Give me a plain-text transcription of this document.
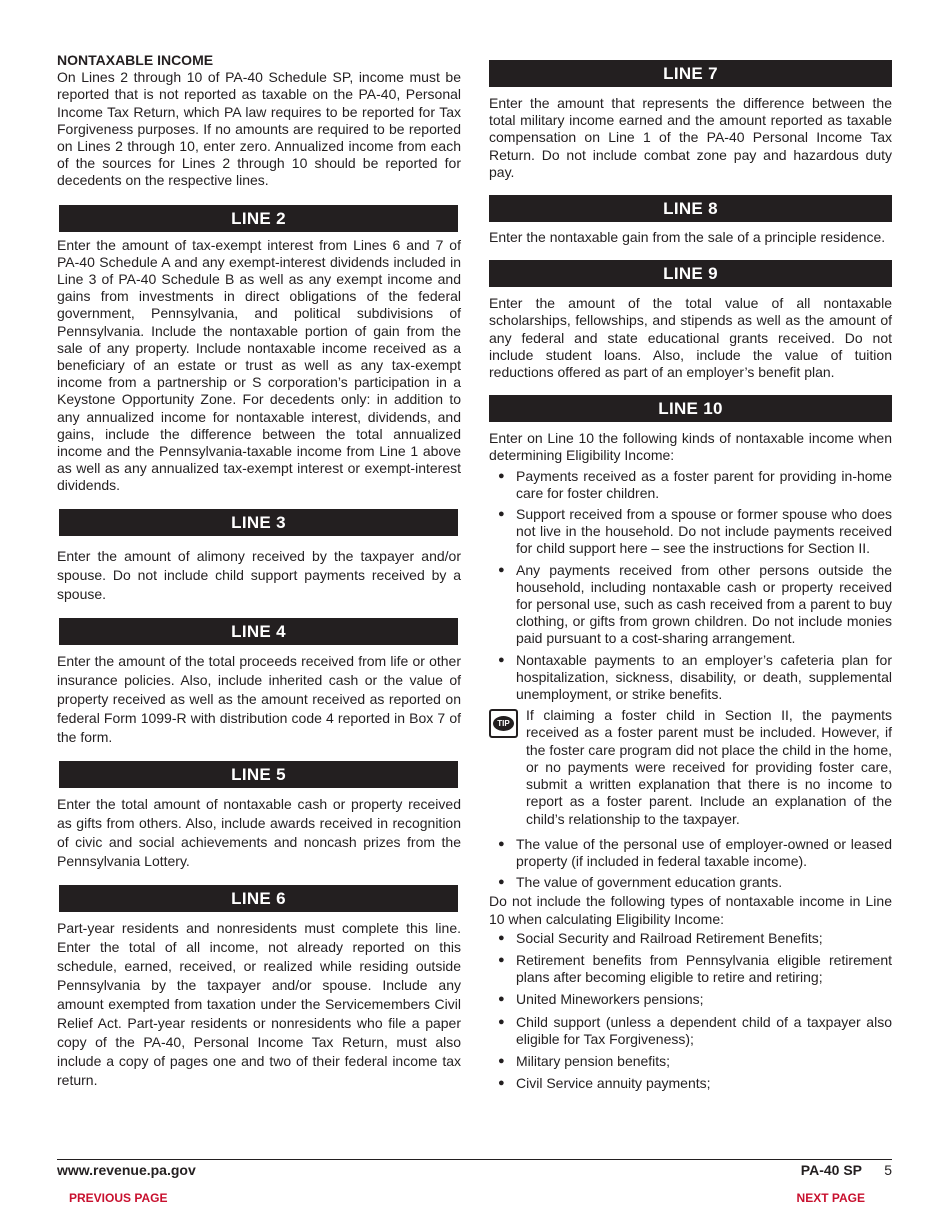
NONTAXABLE INCOME

On Lines 2 through 10 of PA-40 Schedule SP, income must be reported that is not reported as taxable on the PA-40, Personal Income Tax Return, which PA law requires to be reported for Tax Forgiveness purposes. If no amounts are required to be reported on Lines 2 through 10, enter zero. Annualized income from each of the sources for Lines 2 through 10 should be reported for decedents on the respective lines.

LINE 2

Enter the amount of tax-exempt interest from Lines 6 and 7 of PA-40 Schedule A and any exempt-interest dividends included in Line 3 of PA-40 Schedule B as well as any exempt income and gains from investments in direct obligations of the federal government, Pennsylvania, and political subdivisions of Pennsylvania. Include the nontaxable portion of gain from the sale of any property. Include nontaxable income received as a beneficiary of an estate or trust as well as any tax-exempt income from a partnership or S corporation’s participation in a Keystone Opportunity Zone. For decedents only: in addition to any annualized income for nontaxable interest, dividends, and gains, include the difference between the total annualized income and the Pennsylvania-taxable income from Line 1 above as well as any annualized tax-exempt interest or exempt-interest dividends.

LINE 3

Enter the amount of alimony received by the taxpayer and/or spouse. Do not include child support payments received by a spouse.

LINE 4

Enter the amount of the total proceeds received from life or other insurance policies. Also, include inherited cash or the value of property received as well as the amount received as reported on federal Form 1099-R with distribution code 4 reported in Box 7 of the form.

LINE 5

Enter the total amount of nontaxable cash or property received as gifts from others. Also, include awards received in recognition of civic and social achievements and noncash prizes from the Pennsylvania Lottery.

LINE 6

Part-year residents and nonresidents must complete this line. Enter the total of all income, not already reported on this schedule, earned, received, or realized while residing outside Pennsylvania by the taxpayer and/or spouse. Include any amount exempted from taxation under the Servicemembers Civil Relief Act. Part-year residents or nonresidents who file a paper copy of the PA-40, Personal Income Tax Return, must also include a copy of pages one and two of their federal income tax return.

LINE 7

Enter the amount that represents the difference between the total military income earned and the amount reported as taxable compensation on Line 1 of the PA-40 Personal Income Tax Return. Do not include combat zone pay and hazardous duty pay.

LINE 8

Enter the nontaxable gain from the sale of a principle residence.

LINE 9

Enter the amount of the total value of all nontaxable scholarships, fellowships, and stipends as well as the amount of any federal and state educational grants received. Do not include student loans. Also, include the value of tuition reductions offered as part of an employer’s benefit plan.

LINE 10

Enter on Line 10 the following kinds of nontaxable income when determining Eligibility Income:

● Payments received as a foster parent for providing in-home care for foster children.
● Support received from a spouse or former spouse who does not live in the household. Do not include payments received for child support here – see the instructions for Section II.
● Any payments received from other persons outside the household, including nontaxable cash or property received for personal use, such as cash received from a parent to buy clothing, or gifts from grown children. Do not include monies paid pursuant to a cost-sharing arrangement.
● Nontaxable payments to an employer’s cafeteria plan for hospitalization, sickness, disability, or death, supplemental unemployment, or strike benefits.
TIP
If claiming a foster child in Section II, the payments received as a foster parent must be included. However, if the foster care program did not place the child in the home, or no payments were received for providing foster care, submit a written explanation that there is no income to report as a foster parent. Include an explanation of the child’s relationship to the taxpayer.
● The value of the personal use of employer-owned or leased property (if included in federal taxable income).
● The value of government education grants.

Do not include the following types of nontaxable income in Line 10 when calculating Eligibility Income:

● Social Security and Railroad Retirement Benefits;
● Retirement benefits from Pennsylvania eligible retirement plans after becoming eligible to retire and retiring;
● United Mineworkers pensions;
● Child support (unless a dependent child of a taxpayer also eligible for Tax Forgiveness);
● Military pension benefits;
● Civil Service annuity payments;
www.revenue.pa.gov	PA-40 SP 5
PREVIOUS PAGE	NEXT PAGE
